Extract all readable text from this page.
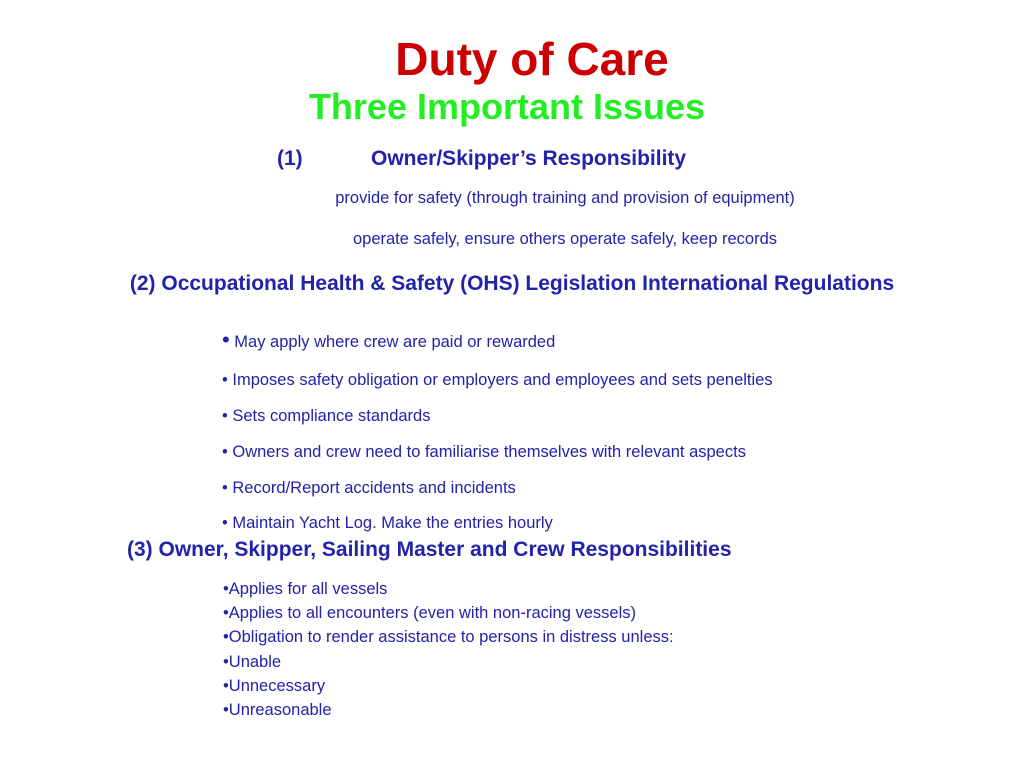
Duty of Care
Three Important Issues
(1)	Owner/Skipper’s Responsibility
provide for safety (through training and provision of equipment)
operate safely, ensure others operate safely, keep records
(2) Occupational Health & Safety (OHS) Legislation International Regulations
• May apply where crew are paid or rewarded
• Imposes safety obligation or employers and employees and sets penelties
• Sets compliance standards
• Owners and crew need to familiarise themselves with relevant aspects
• Record/Report accidents and incidents
• Maintain Yacht Log. Make the entries hourly
(3) Owner, Skipper, Sailing Master and Crew Responsibilities
•Applies for all vessels
•Applies to all encounters (even with non-racing vessels)
•Obligation to render assistance to persons in distress unless:
•Unable
•Unnecessary
•Unreasonable
